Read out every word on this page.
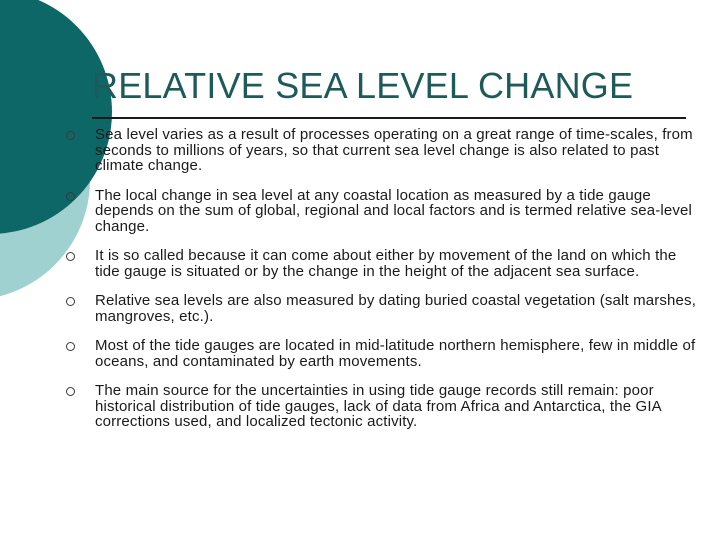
RELATIVE SEA LEVEL CHANGE
Sea level varies as a result of processes operating on a great range of time-scales, from seconds to millions of years, so that current sea level change is also related to past climate change.
The local change in sea level at any coastal location as measured by a tide gauge depends on the sum of global, regional and local factors and is termed relative sea-level change.
It is so called because it can come about either by movement of the land on which the tide gauge is situated or by the change in the height of the adjacent sea surface.
Relative sea levels are also measured by dating buried coastal vegetation (salt marshes, mangroves, etc.).
Most of the tide gauges are located in mid-latitude northern hemisphere, few in middle of oceans, and contaminated by earth movements.
The main source for the uncertainties in using tide gauge records still remain: poor historical distribution of tide gauges, lack of data from Africa and Antarctica, the GIA corrections used, and localized tectonic activity.
